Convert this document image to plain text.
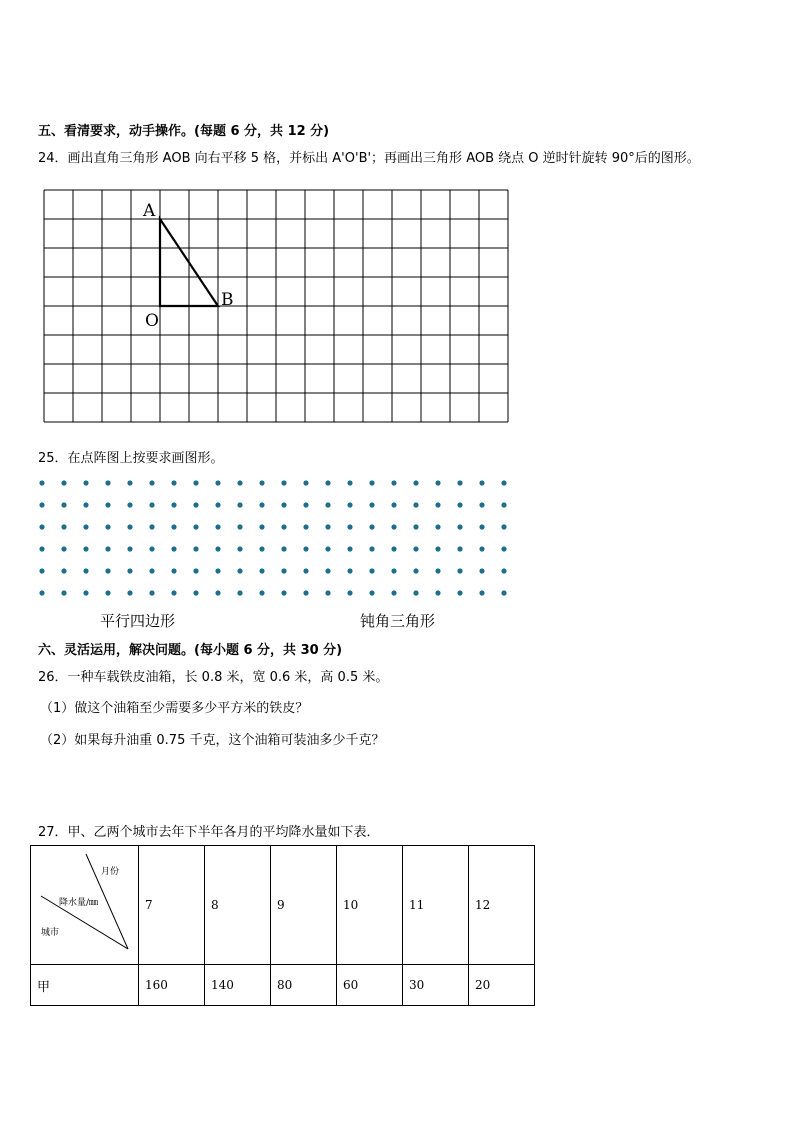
五、看清要求，动手操作。(每题 6 分，共 12 分)
24．画出直角三角形 AOB 向右平移 5 格，并标出 A'O'B'；再画出三角形 AOB 绕点 O 逆时针旋转 90°后的图形。
A
O
B
25．在点阵图上按要求画图形。
平行四边形	钝角三角形
六、灵活运用，解决问题。(每小题 6 分，共 30 分)
26．一种车载铁皮油箱，长 0.8 米，宽 0.6 米，高 0.5 米。
（1）做这个油箱至少需要多少平方米的铁皮？
（2）如果每升油重 0.75 千克，这个油箱可装油多少千克？
27．甲、乙两个城市去年下半年各月的平均降水量如下表．
月份
降水量/㎜
城市	7	8	9	10	11	12
甲	160	140	80	60	30	20
